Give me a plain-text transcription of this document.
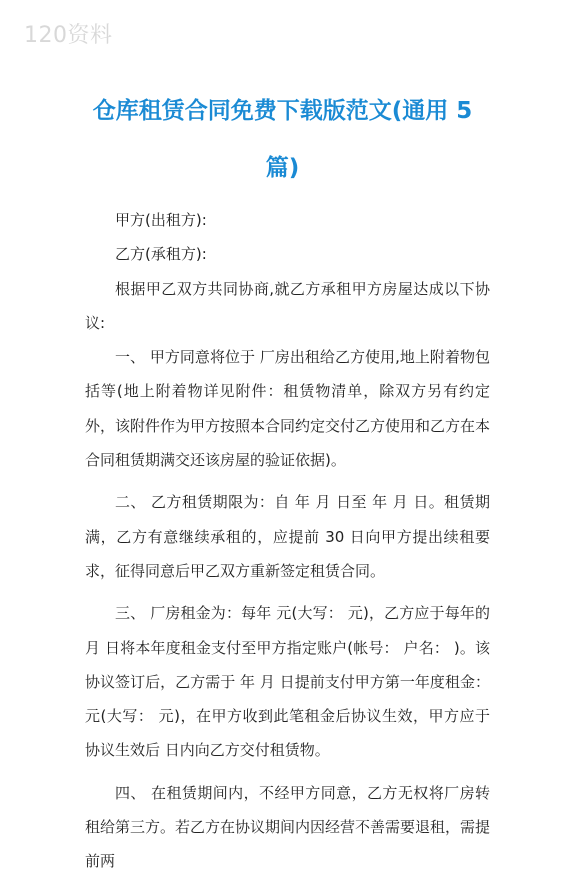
120资料
仓库租赁合同免费下载版范文(通用 5
篇)

甲方(出租方):

乙方(承租方):

根据甲乙双方共同协商,就乙方承租甲方房屋达成以下协议:

一、 甲方同意将位于 厂房出租给乙方使用,地上附着物包括等(地上附着物详见附件：租赁物清单，除双方另有约定外，该附件作为甲方按照本合同约定交付乙方使用和乙方在本合同租赁期满交还该房屋的验证依据)。

二、 乙方租赁期限为：自 年 月 日至 年 月 日。租赁期满，乙方有意继续承租的，应提前 30 日向甲方提出续租要求，征得同意后甲乙双方重新签定租赁合同。

三、 厂房租金为：每年 元(大写： 元)，乙方应于每年的 月 日将本年度租金支付至甲方指定账户(帐号： 户名： )。该协议签订后，乙方需于 年 月 日提前支付甲方第一年度租金： 元(大写： 元)，在甲方收到此笔租金后协议生效，甲方应于协议生效后 日内向乙方交付租赁物。

四、 在租赁期间内，不经甲方同意，乙方无权将厂房转租给第三方。若乙方在协议期间内因经营不善需要退租，需提前两
